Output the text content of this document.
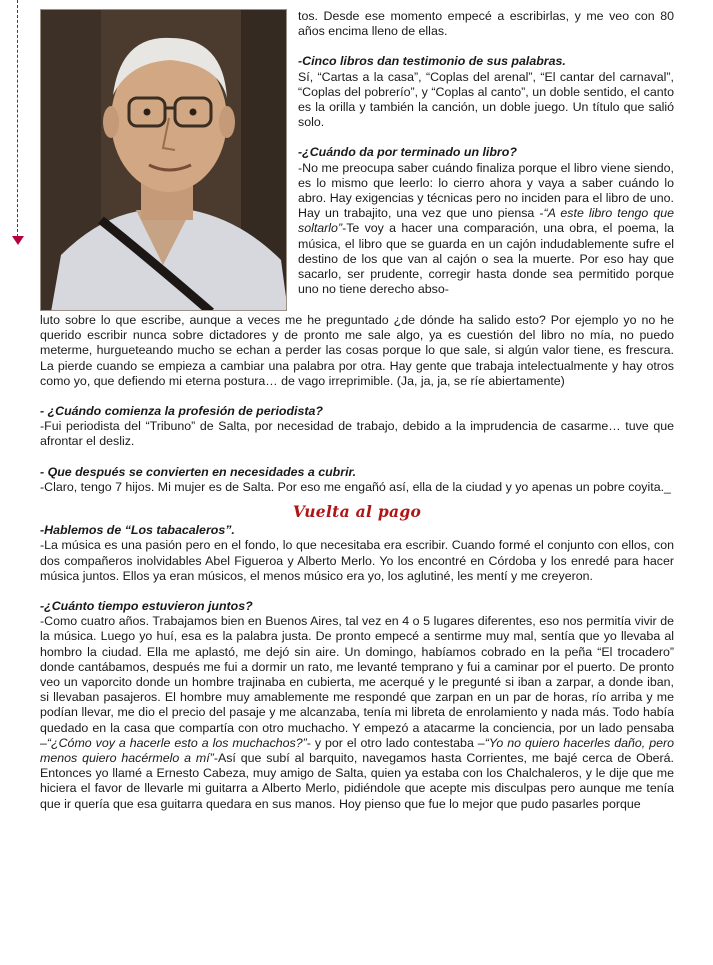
tos. Desde ese momento empecé a escribirlas, y me veo con 80 años encima lleno de ellas.

-Cinco libros dan testimonio de sus palabras.
Sí, “Cartas a la casa”, “Coplas del arenal”, “El cantar del carnaval”, “Coplas del pobrerío”, y “Coplas al canto”, un doble sentido, el canto es la orilla y también la canción, un doble juego. Un título que salió solo.

-¿Cuándo da por terminado un libro?
-No me preocupa saber cuándo finaliza porque el libro viene siendo, es lo mismo que leerlo: lo cierro ahora y vaya a saber cuándo lo abro. Hay exigencias y técnicas pero no inciden para el libro de uno. Hay un trabajito, una vez que uno piensa -“A este libro tengo que soltarlo”-Te voy a hacer una comparación, una obra, el poema, la música, el libro que se guarda en un cajón indudablemente sufre el destino de los que van al cajón o sea la muerte. Por eso hay que sacarlo, ser prudente, corregir hasta donde sea permitido porque uno no tiene derecho abso-

luto sobre lo que escribe, aunque a veces me he preguntado ¿de dónde ha salido esto? Por ejemplo yo no he querido escribir nunca sobre dictadores y de pronto me sale algo, ya es cuestión del libro no mía, no puedo meterme, hurgueteando mucho se echan a perder las cosas porque lo que sale, si algún valor tiene, es frescura. La pierde cuando se empieza a cambiar una palabra por otra. Hay gente que trabaja intelectualmente y hay otros como yo, que defiendo mi eterna postura… de vago irreprimible. (Ja, ja, ja, se ríe abiertamente)

- ¿Cuándo comienza la profesión de periodista?
-Fui periodista del “Tribuno” de Salta, por necesidad de trabajo, debido a la imprudencia de casarme… tuve que afrontar el desliz.

- Que después se convierten en necesidades a cubrir.
-Claro, tengo 7 hijos. Mi mujer es de Salta. Por eso me engañó así, ella de la ciudad y yo apenas un pobre coyita._

Vuelta al pago

-Hablemos de “Los tabacaleros”.
-La música es una pasión pero en el fondo, lo que necesitaba era escribir. Cuando formé el conjunto con ellos, con dos compañeros inolvidables Abel Figueroa y Alberto Merlo. Yo los encontré en Córdoba y los enredé para hacer música juntos. Ellos ya eran músicos, el menos músico era yo, los aglutiné, les mentí y me creyeron.

-¿Cuánto tiempo estuvieron juntos?
-Como cuatro años. Trabajamos bien en Buenos Aires, tal vez en 4 o 5 lugares diferentes, eso nos permitía vivir de la música. Luego yo huí, esa es la palabra justa. De pronto empecé a sentirme muy mal, sentía que yo llevaba al hombro la ciudad. Ella me aplastó, me dejó sin aire. Un domingo, habíamos cobrado en la peña “El trocadero” donde cantábamos, después me fui a dormir un rato, me levanté temprano y fui a caminar por el puerto. De pronto veo un vaporcito donde un hombre trajinaba en cubierta, me acerqué y le pregunté si iban a zarpar, a donde iban, si llevaban pasajeros. El hombre muy amablemente me respondé que zarpan en un par de horas, río arriba y me podían llevar, me dio el precio del pasaje y me alcanzaba, tenía mi libreta de enrolamiento y nada más. Todo había quedado en la casa que compartía con otro muchacho. Y empezó a atacarme la conciencia, por un lado pensaba –“¿Cómo voy a hacerle esto a los muchachos?”- y por el otro lado contestaba –“Yo no quiero hacerles daño, pero menos quiero hacérmelo a mí”-Así que subí al barquito, navegamos hasta Corrientes, me bajé cerca de Oberá. Entonces yo llamé a Ernesto Cabeza, muy amigo de Salta, quien ya estaba con los Chalchaleros, y le dije que me hiciera el favor de llevarle mi guitarra a Alberto Merlo, pidiéndole que acepte mis disculpas pero aunque me tenía que ir quería que esa guitarra quedara en sus manos. Hoy pienso que fue lo mejor que pudo pasarles porque
